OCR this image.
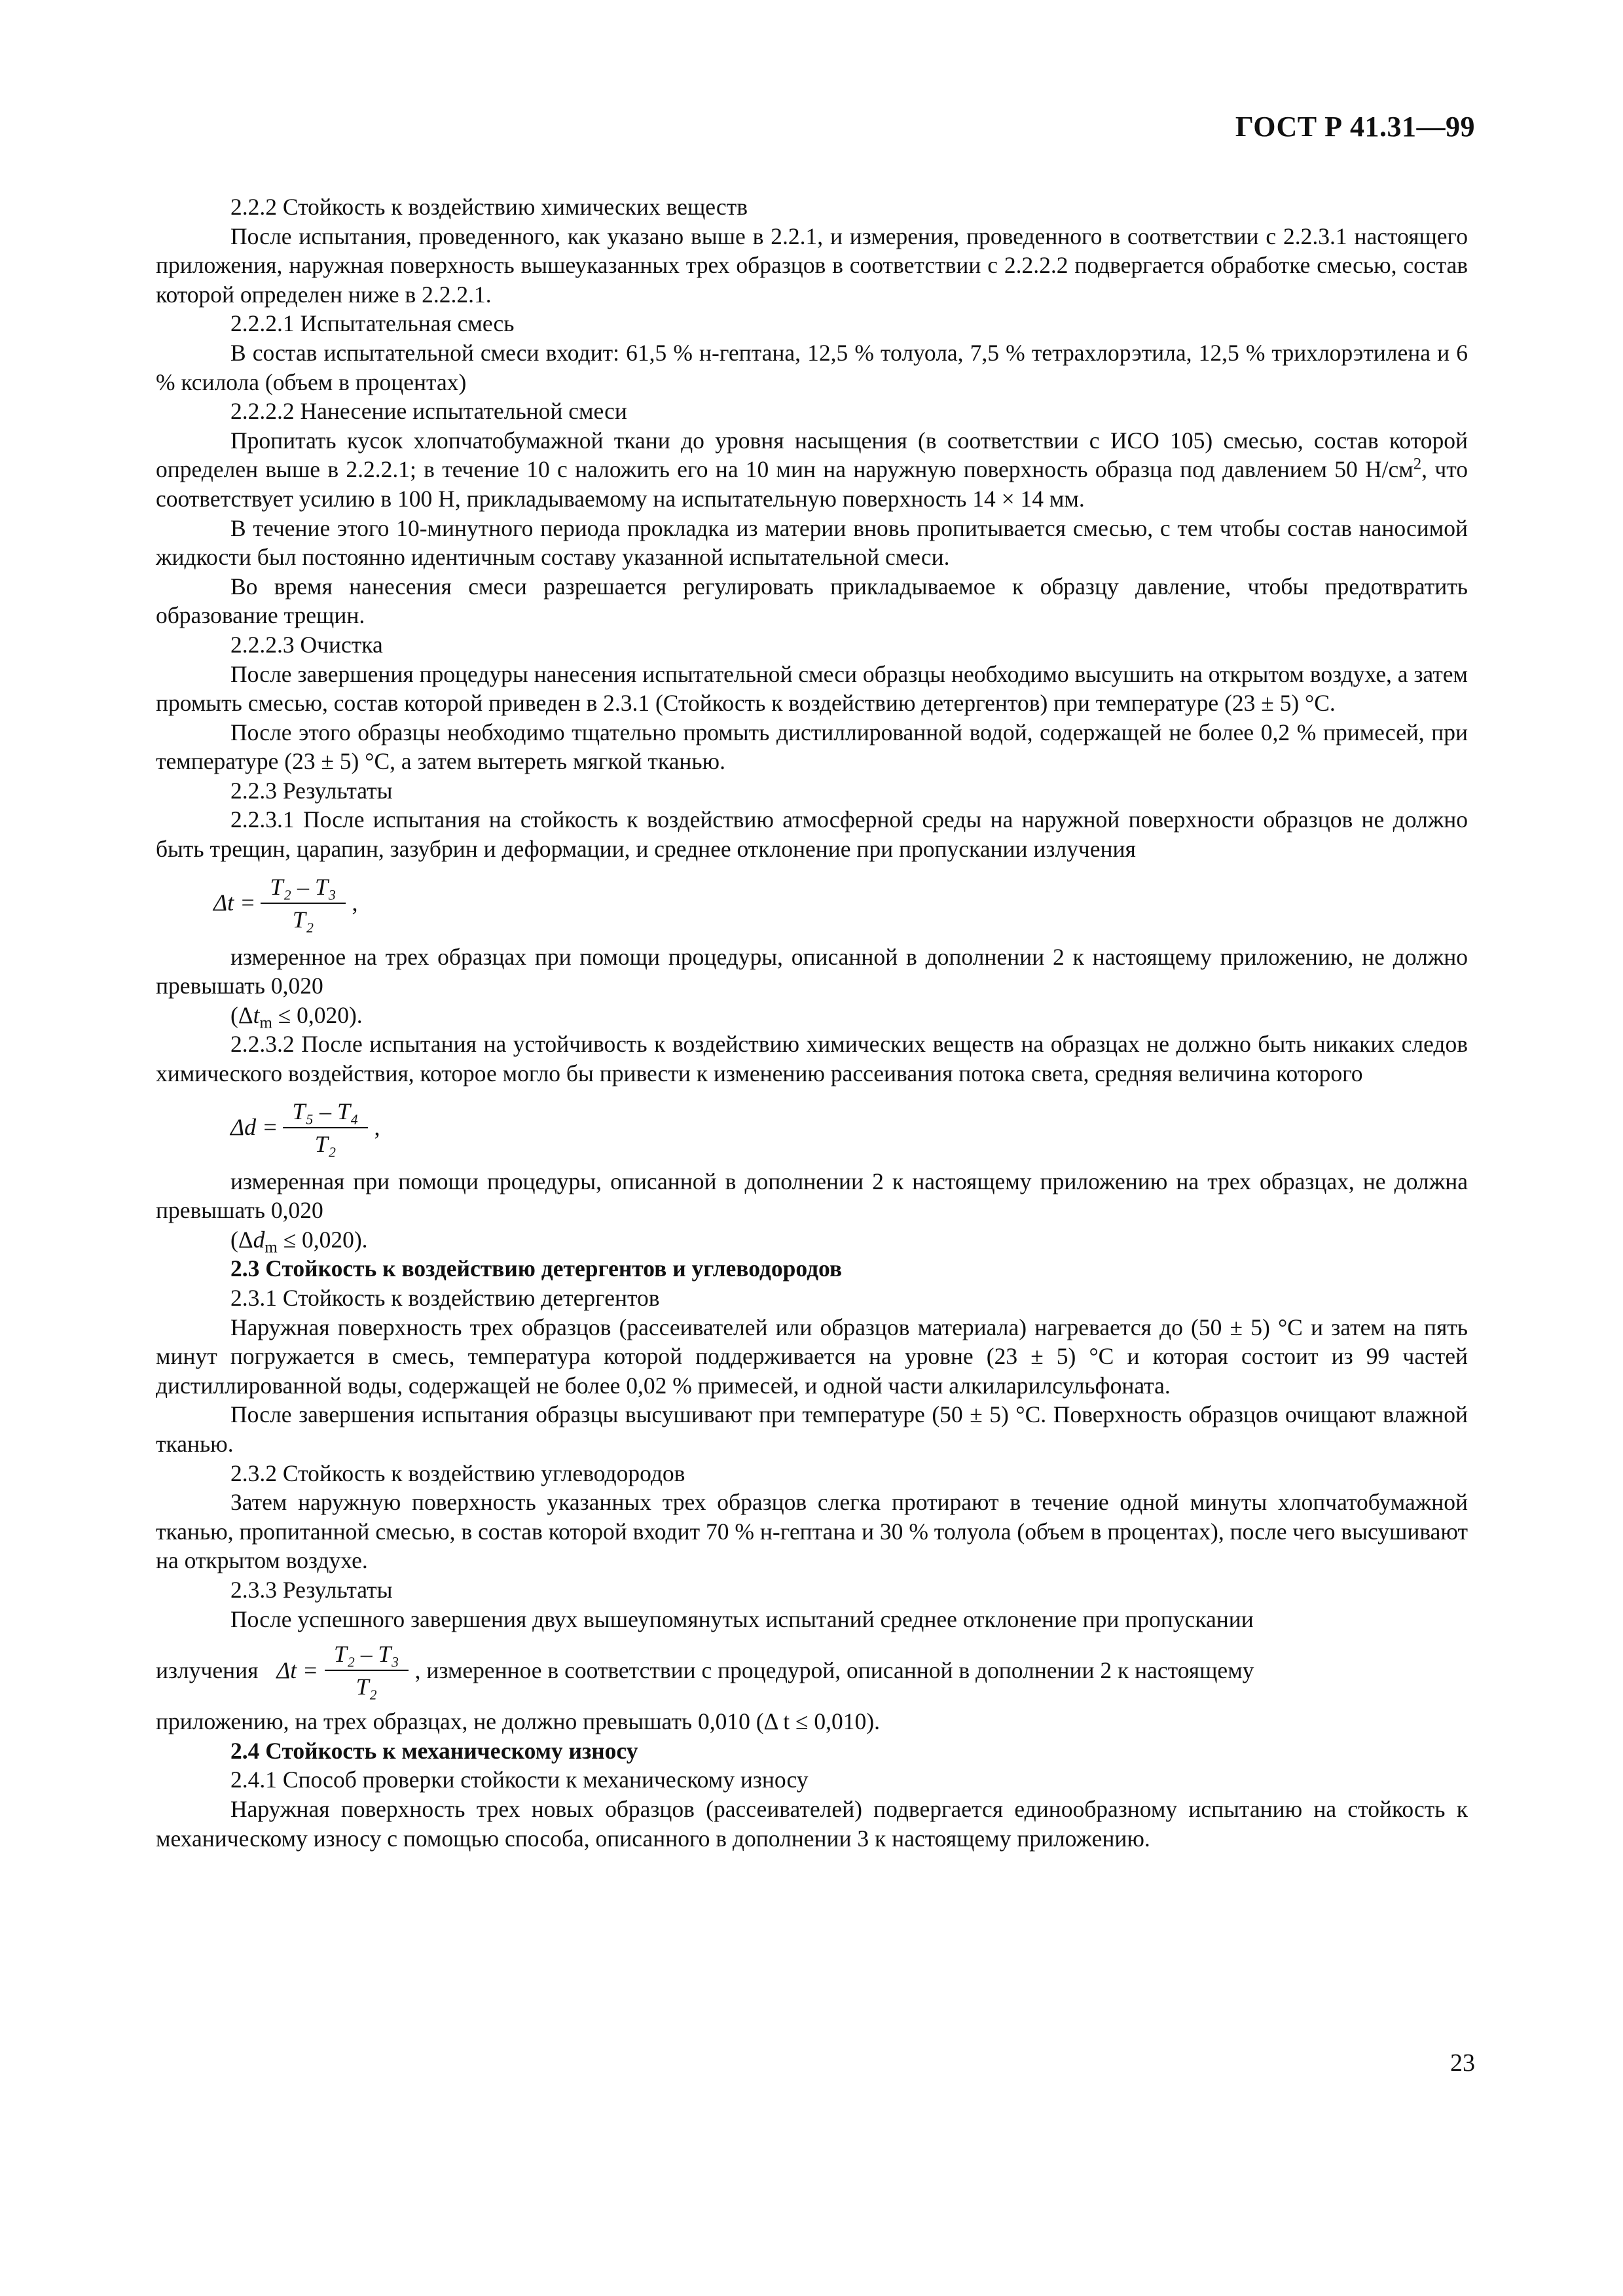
ГОСТ Р 41.31—99

2.2.2 Стойкость к воздействию химических веществ

После испытания, проведенного, как указано выше в 2.2.1, и измерения, проведенного в соответствии с 2.2.3.1 настоящего приложения, наружная поверхность вышеуказанных трех образцов в соответствии с 2.2.2.2 подвергается обработке смесью, состав которой определен ниже в 2.2.2.1.

2.2.2.1 Испытательная смесь

В состав испытательной смеси входит: 61,5 % н-гептана, 12,5 % толуола, 7,5 % тетрахлорэтила, 12,5 % трихлорэтилена и 6 % ксилола (объем в процентах)

2.2.2.2 Нанесение испытательной смеси

Пропитать кусок хлопчатобумажной ткани до уровня насыщения (в соответствии с ИСО 105) смесью, состав которой определен выше в 2.2.2.1; в течение 10 с наложить его на 10 мин на наружную поверхность образца под давлением 50 $Н/см^2$, что соответствует усилию в 100 Н, прикладываемому на испытательную поверхность 14 × 14 мм.

В течение этого 10-минутного периода прокладка из материи вновь пропитывается смесью, с тем чтобы состав наносимой жидкости был постоянно идентичным составу указанной испытательной смеси.

Во время нанесения смеси разрешается регулировать прикладываемое к образцу давление, чтобы предотвратить образование трещин.

2.2.2.3 Очистка

После завершения процедуры нанесения испытательной смеси образцы необходимо высушить на открытом воздухе, а затем промыть смесью, состав которой приведен в 2.3.1 (Стойкость к воздействию детергентов) при температуре (23 ± 5) °С.

После этого образцы необходимо тщательно промыть дистиллированной водой, содержащей не более 0,2 % примесей, при температуре (23 ± 5) °С, а затем вытереть мягкой тканью.

2.2.3 Результаты

2.2.3.1 После испытания на стойкость к воздействию атмосферной среды на наружной поверхности образцов не должно быть трещин, царапин, зазубрин и деформации, и среднее отклонение при пропускании излучения

$\Delta t = \frac{\text{T₂ – T₃}}{\text{T₂}}$ ,

измеренное на трех образцах при помощи процедуры, описанной в дополнении 2 к настоящему приложению, не должно превышать 0,020

$(\Delta t_m \le 0,020)$.

2.2.3.2 После испытания на устойчивость к воздействию химических веществ на образцах не должно быть никаких следов химического воздействия, которое могло бы привести к изменению рассеивания потока света, средняя величина которого

$\Delta d = \frac{\text{T₅ – T₄}}{\text{T₂}}$ ,

измеренная при помощи процедуры, описанной в дополнении 2 к настоящему приложению на трех образцах, не должна превышать 0,020

$(\Delta d_m \le 0,020)$.

2.3 Стойкость к воздействию детергентов и углеводородов

2.3.1 Стойкость к воздействию детергентов

Наружная поверхность трех образцов (рассеивателей или образцов материала) нагревается до (50 ± 5) °С и затем на пять минут погружается в смесь, температура которой поддерживается на уровне (23 ± 5) °С и которая состоит из 99 частей дистиллированной воды, содержащей не более 0,02 % примесей, и одной части алкиларилсульфоната.

После завершения испытания образцы высушивают при температуре (50 ± 5) °С. Поверхность образцов очищают влажной тканью.

2.3.2 Стойкость к воздействию углеводородов

Затем наружную поверхность указанных трех образцов слегка протирают в течение одной минуты хлопчатобумажной тканью, пропитанной смесью, в состав которой входит 70 % н-гептана и 30 % толуола (объем в процентах), после чего высушивают на открытом воздухе.

2.3.3 Результаты

После успешного завершения двух вышеупомянутых испытаний среднее отклонение при пропускании

излучения $\Delta t = \frac{\text{T₂ – T₃}}{\text{T₂}}$ , измеренное в соответствии с процедурой, описанной в дополнении 2 к настоящему

приложению, на трех образцах, не должно превышать 0,010 (Δ t ≤ 0,010).

2.4 Стойкость к механическому износу

2.4.1 Способ проверки стойкости к механическому износу

Наружная поверхность трех новых образцов (рассеивателей) подвергается единообразному испытанию на стойкость к механическому износу с помощью способа, описанного в дополнении 3 к настоящему приложению.

23
